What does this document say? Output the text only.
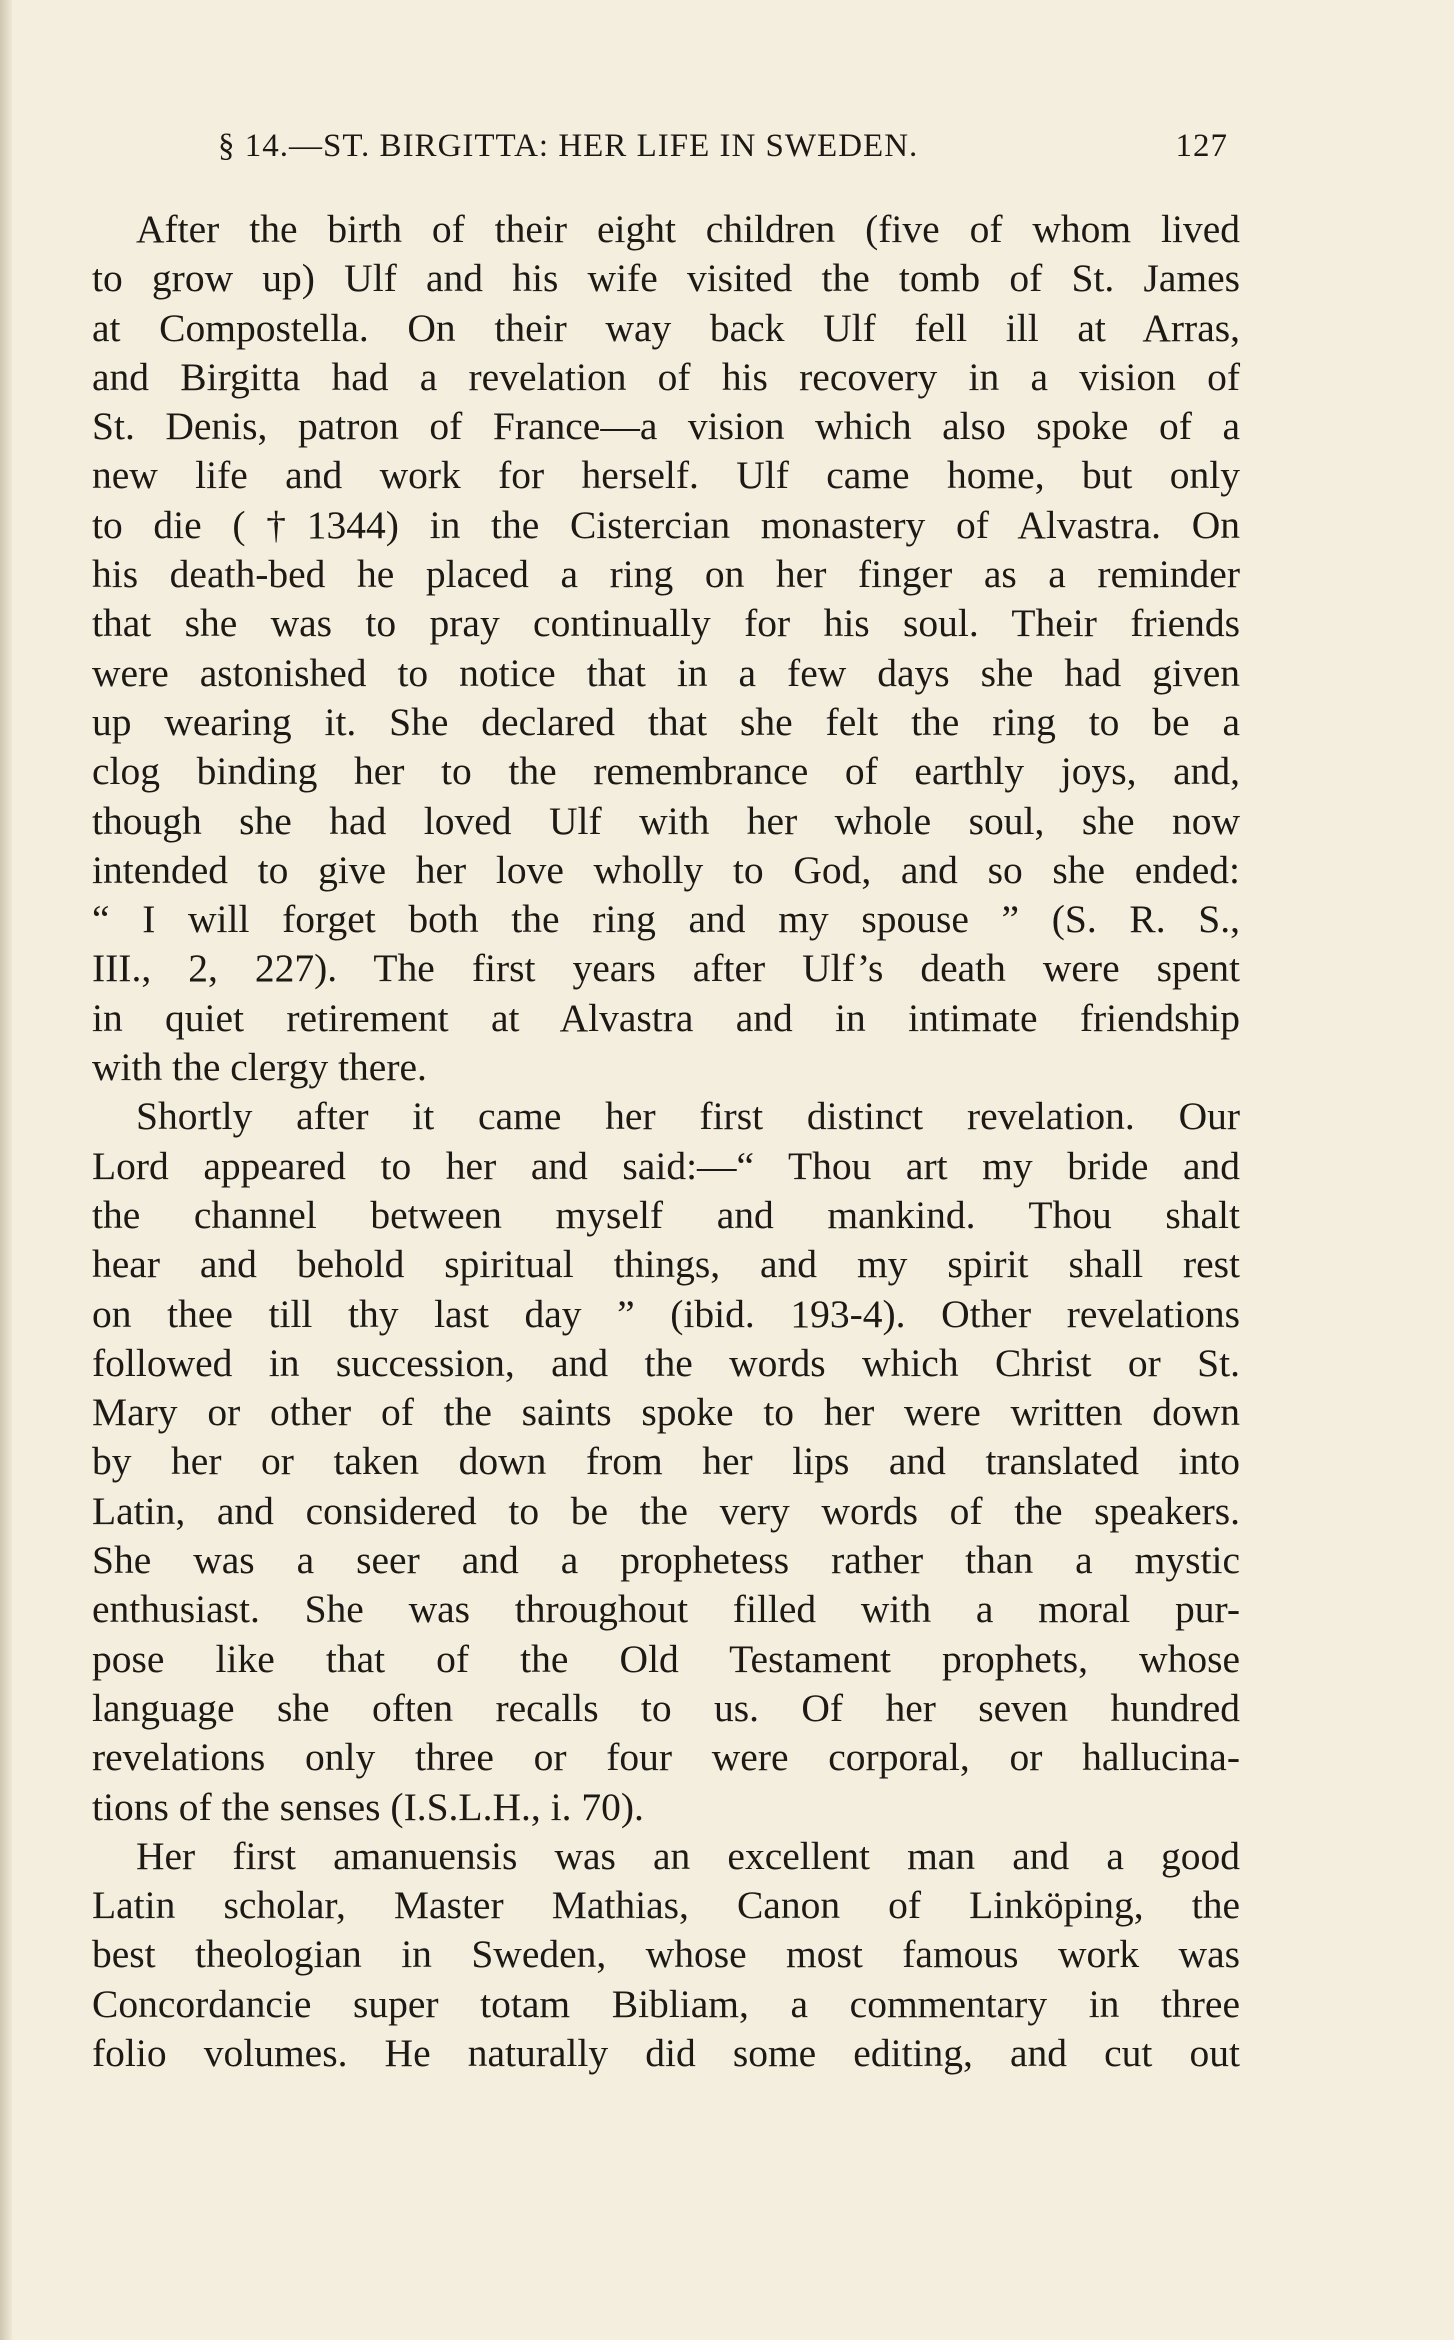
§ 14.—ST. BIRGITTA: HER LIFE IN SWEDEN.	127
After the birth of their eight children (five of whom lived
to grow up) Ulf and his wife visited the tomb of St. James
at Compostella. On their way back Ulf fell ill at Arras,
and Birgitta had a revelation of his recovery in a vision of
St. Denis, patron of France—a vision which also spoke of a
new life and work for herself. Ulf came home, but only
to die (†1344) in the Cistercian monastery of Alvastra. On
his death-bed he placed a ring on her finger as a reminder
that she was to pray continually for his soul. Their friends
were astonished to notice that in a few days she had given
up wearing it. She declared that she felt the ring to be a
clog binding her to the remembrance of earthly joys, and,
though she had loved Ulf with her whole soul, she now
intended to give her love wholly to God, and so she ended:
“ I will forget both the ring and my spouse ” (S. R. S.,
III., 2, 227). The first years after Ulf’s death were spent
in quiet retirement at Alvastra and in intimate friendship
with the clergy there.
Shortly after it came her first distinct revelation. Our
Lord appeared to her and said:—“ Thou art my bride and
the channel between myself and mankind. Thou shalt
hear and behold spiritual things, and my spirit shall rest
on thee till thy last day ” (ibid. 193-4). Other revelations
followed in succession, and the words which Christ or St.
Mary or other of the saints spoke to her were written down
by her or taken down from her lips and translated into
Latin, and considered to be the very words of the speakers.
She was a seer and a prophetess rather than a mystic
enthusiast. She was throughout filled with a moral pur-
pose like that of the Old Testament prophets, whose
language she often recalls to us. Of her seven hundred
revelations only three or four were corporal, or hallucina-
tions of the senses (I.S.L.H., i. 70).
Her first amanuensis was an excellent man and a good
Latin scholar, Master Mathias, Canon of Linköping, the
best theologian in Sweden, whose most famous work was
Concordancie super totam Bibliam, a commentary in three
folio volumes. He naturally did some editing, and cut out
